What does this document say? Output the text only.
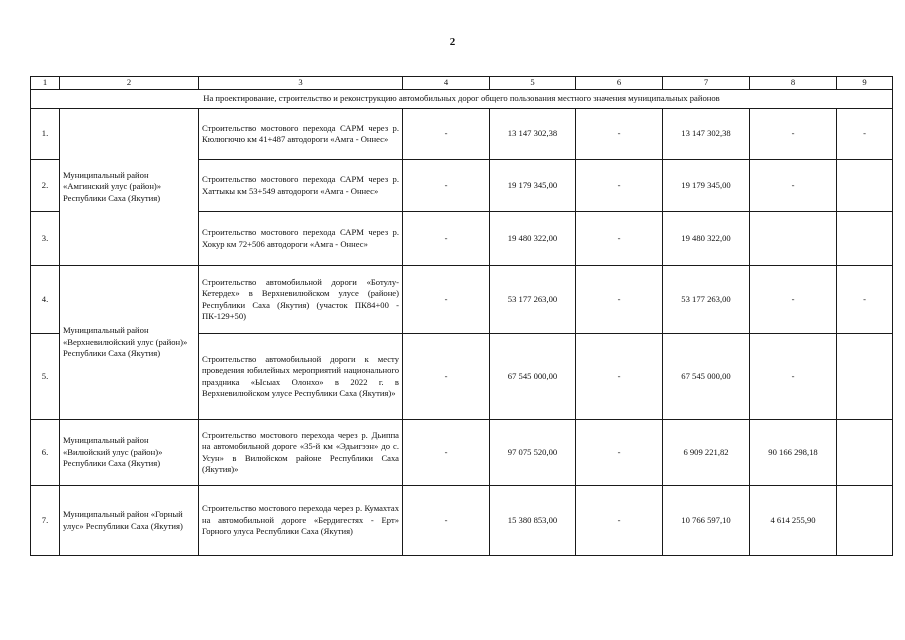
2
1	2	3	4	5	6	7	8	9
На проектирование, строительство и реконструкцию автомобильных дорог общего пользования местного значения муниципальных районов								
1.	Муниципальный район «Амгинский улус (район)» Республики Саха (Якутия)	Строительство мостового перехода САРМ через р. Кюлюгючю км 41+487 автодороги «Амга - Оннес»	-	13 147 302,38	-	13 147 302,38	-	-
2.		Строительство мостового перехода САРМ через р. Хаттыкы км 53+549 автодороги «Амга - Оннес»	-	19 179 345,00	-	19 179 345,00	-	
3.		Строительство мостового перехода САРМ через р. Хокур км 72+506 автодороги «Амга - Оннес»	-	19 480 322,00	-	19 480 322,00		
4.	Муниципальный район «Верхневилюйский улус (район)» Республики Саха (Якутия)	Строительство автомобильной дороги «Ботулу-Кетердех» в Верхневилюйском улусе (районе) Республики Саха (Якутия) (участок ПК84+00 - ПК-129+50)	-	53 177 263,00	-	53 177 263,00	-	-
5.		Строительство автомобильной дороги к месту проведения юбилейных мероприятий национального праздника «Ысыах Олонхо» в 2022 г. в Верхневилюйском улусе Республики Саха (Якутия)»	-	67 545 000,00	-	67 545 000,00	-	
6.	Муниципальный район «Вилюйский улус (район)» Республики Саха (Якутия)	Строительство мостового перехода через р. Дьиппа на автомобильной дороге «35-й км «Эдьигээн» до с. Усун» в Вилюйском районе Республики Саха (Якутия)»	-	97 075 520,00	-	6 909 221,82	90 166 298,18	
7.	Муниципальный район «Горный улус» Республики Саха (Якутия)	Строительство мостового перехода через р. Кумахтах на автомобильной дороге «Бердигестях - Ерт» Горного улуса Республики Саха (Якутия)	-	15 380 853,00	-	10 766 597,10	4 614 255,90	
